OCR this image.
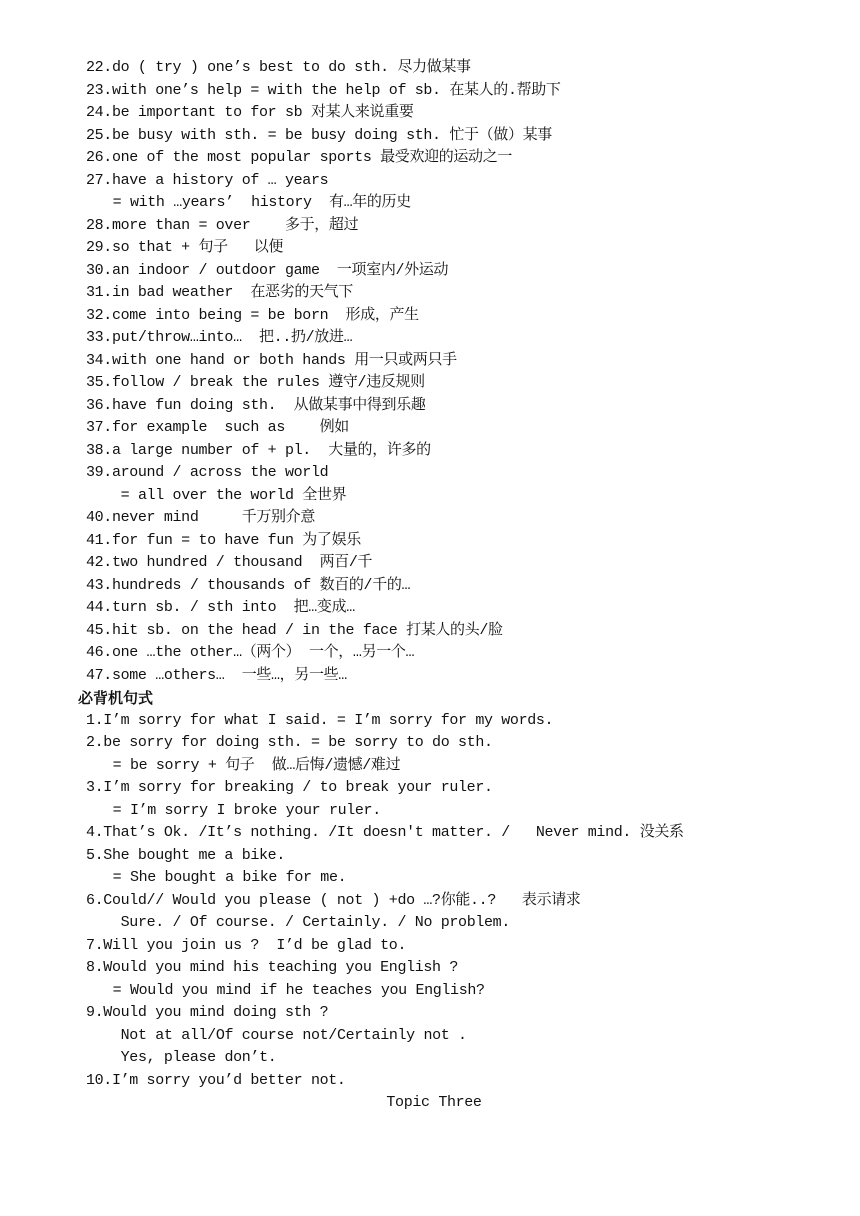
22.do ( try ) one’s best to do sth. 尽力做某事
23.with one’s help = with the help of sb. 在某人的.帮助下
24.be important to for sb 对某人来说重要
25.be busy with sth. = be busy doing sth. 忙于（做）某事
26.one of the most popular sports 最受欢迎的运动之一
27.have a history of … years
= with …years’  history  有…年的历史
28.more than = over    多于，超过
29.so that + 句子   以便
30.an indoor / outdoor game  一项室内/外运动
31.in bad weather  在恶劣的天气下
32.come into being = be born  形成，产生
33.put/throw…into…  把..扔/放进…
34.with one hand or both hands 用一只或两只手
35.follow / break the rules 遵守/违反规则
36.have fun doing sth.  从做某事中得到乐趣
37.for example  such as    例如
38.a large number of + pl.  大量的，许多的
39.around / across the world
= all over the world 全世界
40.never mind     千万别介意
41.for fun = to have fun 为了娱乐
42.two hundred / thousand  两百/千
43.hundreds / thousands of 数百的/千的…
44.turn sb. / sth into  把…变成…
45.hit sb. on the head / in the face 打某人的头/脸
46.one …the other…（两个） 一个，…另一个…
47.some …others…  一些…，另一些…
必背机句式
1.I’m sorry for what I said. = I’m sorry for my words.
2.be sorry for doing sth. = be sorry to do sth.
= be sorry + 句子  做…后悔/遗憾/难过
3.I’m sorry for breaking / to break your ruler.
= I’m sorry I broke your ruler.
4.That’s Ok. /It’s nothing. /It doesn't matter. /   Never mind. 没关系
5.She bought me a bike.
= She bought a bike for me.
6.Could// Would you please ( not ) +do …?你能..?   表示请求
Sure. / Of course. / Certainly. / No problem.
7.Will you join us ?  I’d be glad to.
8.Would you mind his teaching you English ?
= Would you mind if he teaches you English?
9.Would you mind doing sth ?
Not at all/Of course not/Certainly not .
Yes, please don’t.
10.I’m sorry you’d better not.
Topic Three
